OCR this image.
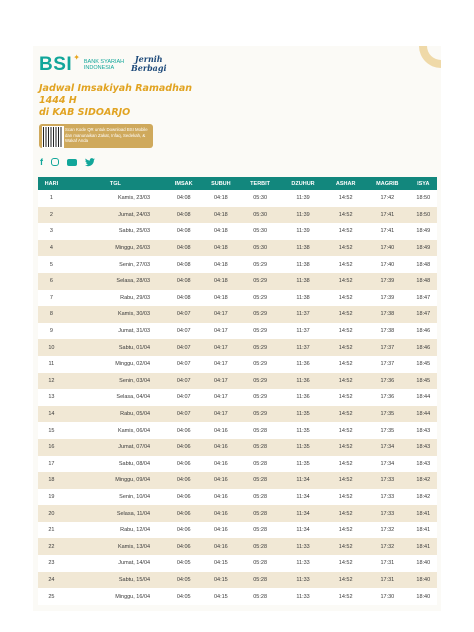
BSI ✦
BANK SYARIAH INDONESIA
Jernih
Berbagi
Jadwal Imsakiyah Ramadhan
1444 H
di KAB SIDOARJO
Scan Kode QR untuk Download BSI Mobile dan manunaikan Zakat, Infaq, Sedekah, & Wakaf Anda
f
HARI	TGL	IMSAK	SUBUH	TERBIT	DZUHUR	ASHAR	MAGRIB	ISYA
1	Kamis, 23/03	04:08	04:18	05:30	11:39	14:52	17:42	18:50
2	Jumat, 24/03	04:08	04:18	05:30	11:39	14:52	17:41	18:50
3	Sabtu, 25/03	04:08	04:18	05:30	11:39	14:52	17:41	18:49
4	Minggu, 26/03	04:08	04:18	05:30	11:38	14:52	17:40	18:49
5	Senin, 27/03	04:08	04:18	05:29	11:38	14:52	17:40	18:48
6	Selasa, 28/03	04:08	04:18	05:29	11:38	14:52	17:39	18:48
7	Rabu, 29/03	04:08	04:18	05:29	11:38	14:52	17:39	18:47
8	Kamis, 30/03	04:07	04:17	05:29	11:37	14:52	17:38	18:47
9	Jumat, 31/03	04:07	04:17	05:29	11:37	14:52	17:38	18:46
10	Sabtu, 01/04	04:07	04:17	05:29	11:37	14:52	17:37	18:46
11	Minggu, 02/04	04:07	04:17	05:29	11:36	14:52	17:37	18:45
12	Senin, 03/04	04:07	04:17	05:29	11:36	14:52	17:36	18:45
13	Selasa, 04/04	04:07	04:17	05:29	11:36	14:52	17:36	18:44
14	Rabu, 05/04	04:07	04:17	05:29	11:35	14:52	17:35	18:44
15	Kamis, 06/04	04:06	04:16	05:28	11:35	14:52	17:35	18:43
16	Jumat, 07/04	04:06	04:16	05:28	11:35	14:52	17:34	18:43
17	Sabtu, 08/04	04:06	04:16	05:28	11:35	14:52	17:34	18:43
18	Minggu, 09/04	04:06	04:16	05:28	11:34	14:52	17:33	18:42
19	Senin, 10/04	04:06	04:16	05:28	11:34	14:52	17:33	18:42
20	Selasa, 11/04	04:06	04:16	05:28	11:34	14:52	17:33	18:41
21	Rabu, 12/04	04:06	04:16	05:28	11:34	14:52	17:32	18:41
22	Kamis, 13/04	04:06	04:16	05:28	11:33	14:52	17:32	18:41
23	Jumat, 14/04	04:05	04:15	05:28	11:33	14:52	17:31	18:40
24	Sabtu, 15/04	04:05	04:15	05:28	11:33	14:52	17:31	18:40
25	Minggu, 16/04	04:05	04:15	05:28	11:33	14:52	17:30	18:40
